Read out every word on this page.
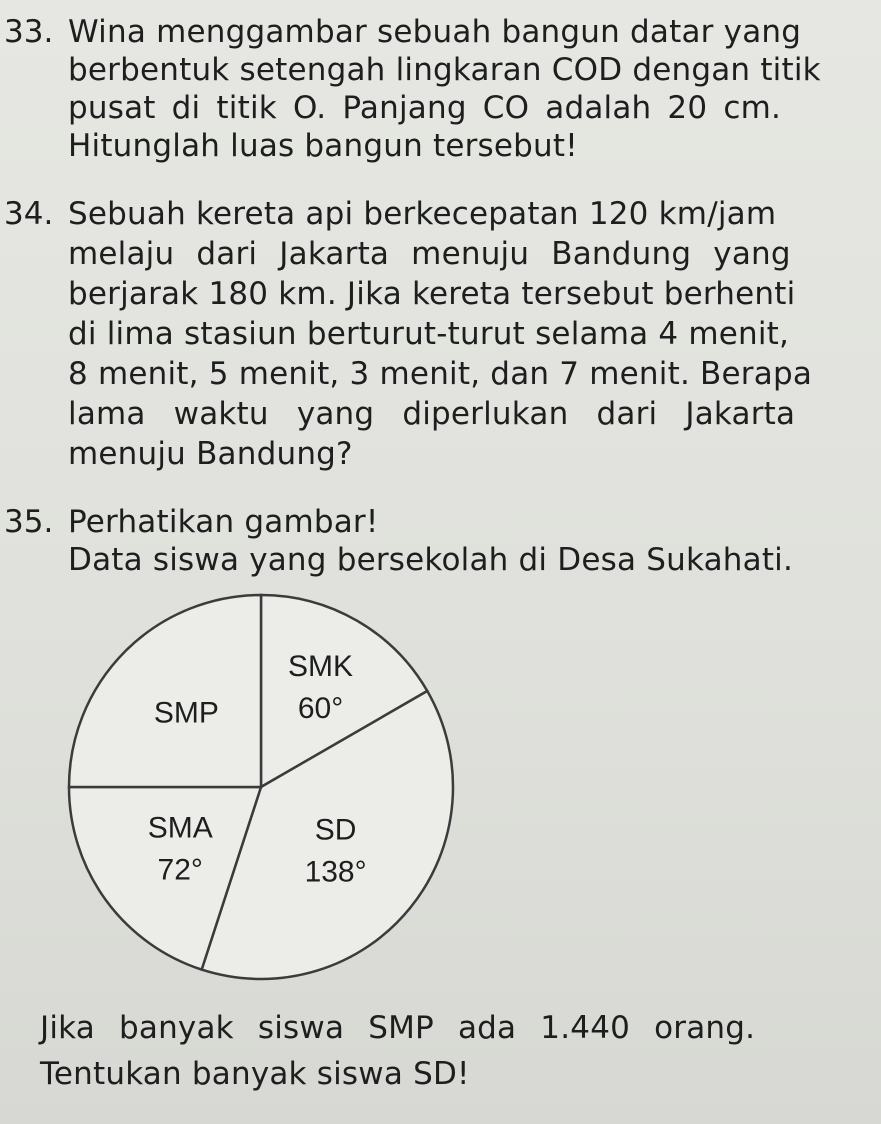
33. Wina menggambar sebuah bangun datar yang
berbentuk setengah lingkaran COD dengan titik
pusat di titik O. Panjang CO adalah 20 cm.
Hitunglah luas bangun tersebut!
34. Sebuah kereta api berkecepatan 120 km/jam
melaju dari Jakarta menuju Bandung yang
berjarak 180 km. Jika kereta tersebut berhenti
di lima stasiun berturut-turut selama 4 menit,
8 menit, 5 menit, 3 menit, dan 7 menit. Berapa
lama waktu yang diperlukan dari Jakarta
menuju Bandung?
35. Perhatikan gambar!
Data siswa yang bersekolah di Desa Sukahati.
SMK
60°
SD
138°
SMA
72°
SMP
Jika banyak siswa SMP ada 1.440 orang.
Tentukan banyak siswa SD!
